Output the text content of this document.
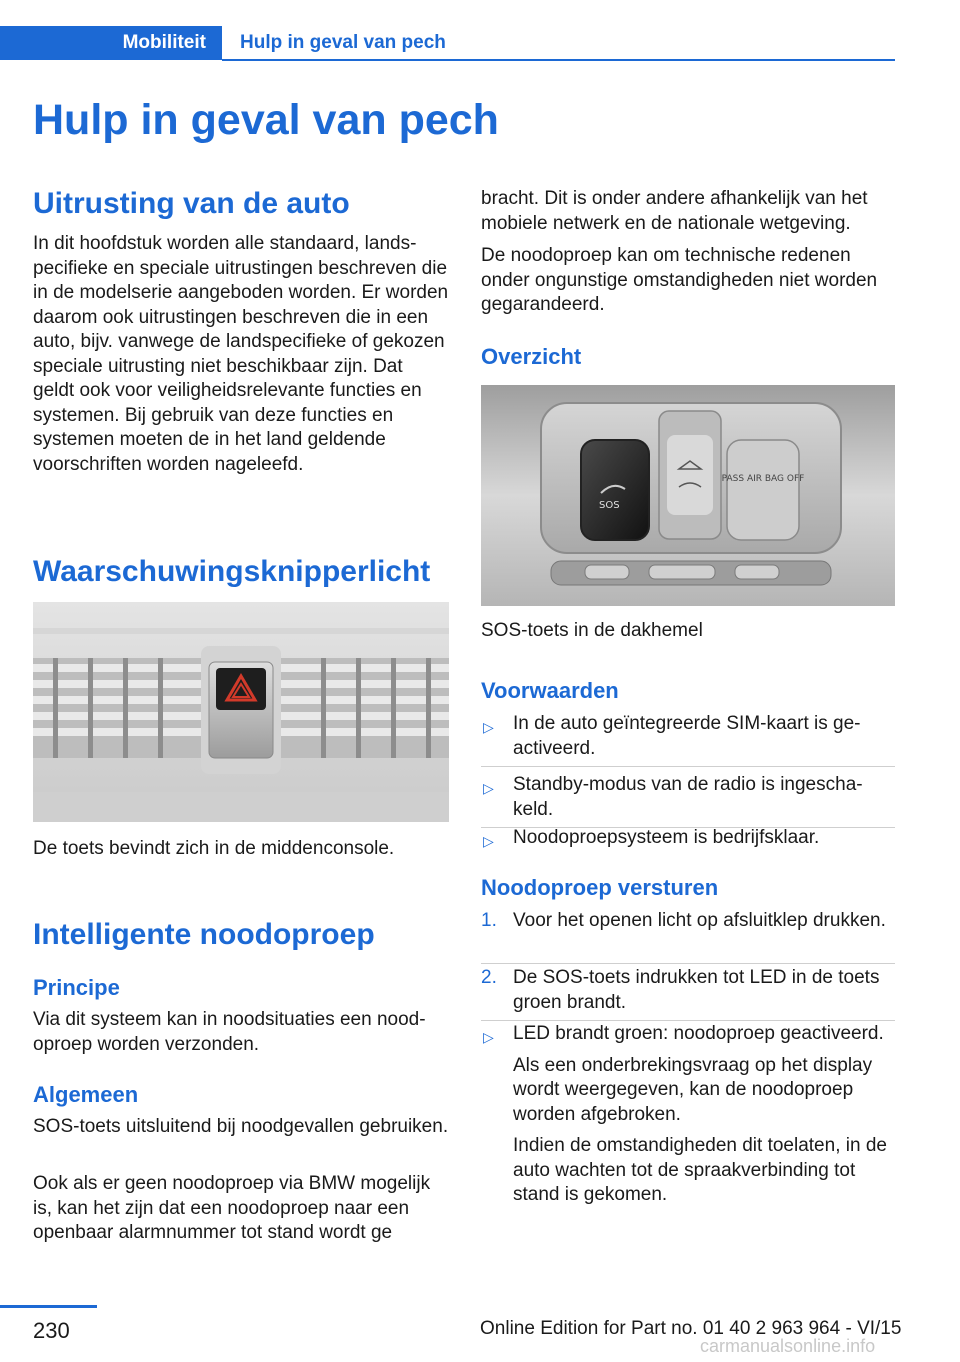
Mobiliteit	Hulp in geval van pech
Hulp in geval van pech
Uitrusting van de auto
In dit hoofdstuk worden alle standaard, landspecifieke en speciale uitrustingen beschreven die in de modelserie aangeboden worden. Er worden daarom ook uitrustingen beschreven die in een auto, bijv. vanwege de landspecifieke of gekozen speciale uitrusting niet beschikbaar zijn. Dat geldt ook voor veiligheidsrelevante functies en systemen. Bij gebruik van deze functies en systemen moeten de in het land geldende voorschriften worden nageleefd.
Waarschuwingsknipperlicht
De toets bevindt zich in de middenconsole.
Intelligente noodoproep
Principe
Via dit systeem kan in noodsituaties een noodoproep worden verzonden.
Algemeen
SOS-toets uitsluitend bij noodgevallen gebruiken.
Ook als er geen noodoproep via BMW mogelijk is, kan het zijn dat een noodoproep naar een openbaar alarmnummer tot stand wordt ge
bracht. Dit is onder andere afhankelijk van het mobiele netwerk en de nationale wetgeving.
De noodoproep kan om technische redenen onder ongunstige omstandigheden niet worden gegarandeerd.
Overzicht
SOS
PASS AIR BAG OFF
SOS-toets in de dakhemel
Voorwaarden
▷ In de auto geïntegreerde SIM-kaart is geactiveerd.
▷ Standby-modus van de radio is ingeschakeld.
▷ Noodoproepsysteem is bedrijfsklaar.
Noodoproep versturen
1. Voor het openen licht op afsluitklep drukken.
2. De SOS-toets indrukken tot LED in de toets groen brandt.
▷ LED brandt groen: noodoproep geactiveerd.
Als een onderbrekingsvraag op het display wordt weergegeven, kan de noodoproep worden afgebroken.
Indien de omstandigheden dit toelaten, in de auto wachten tot de spraakverbinding tot stand is gekomen.
230	Online Edition for Part no. 01 40 2 963 964 - VI/15
carmanualsonline.info
